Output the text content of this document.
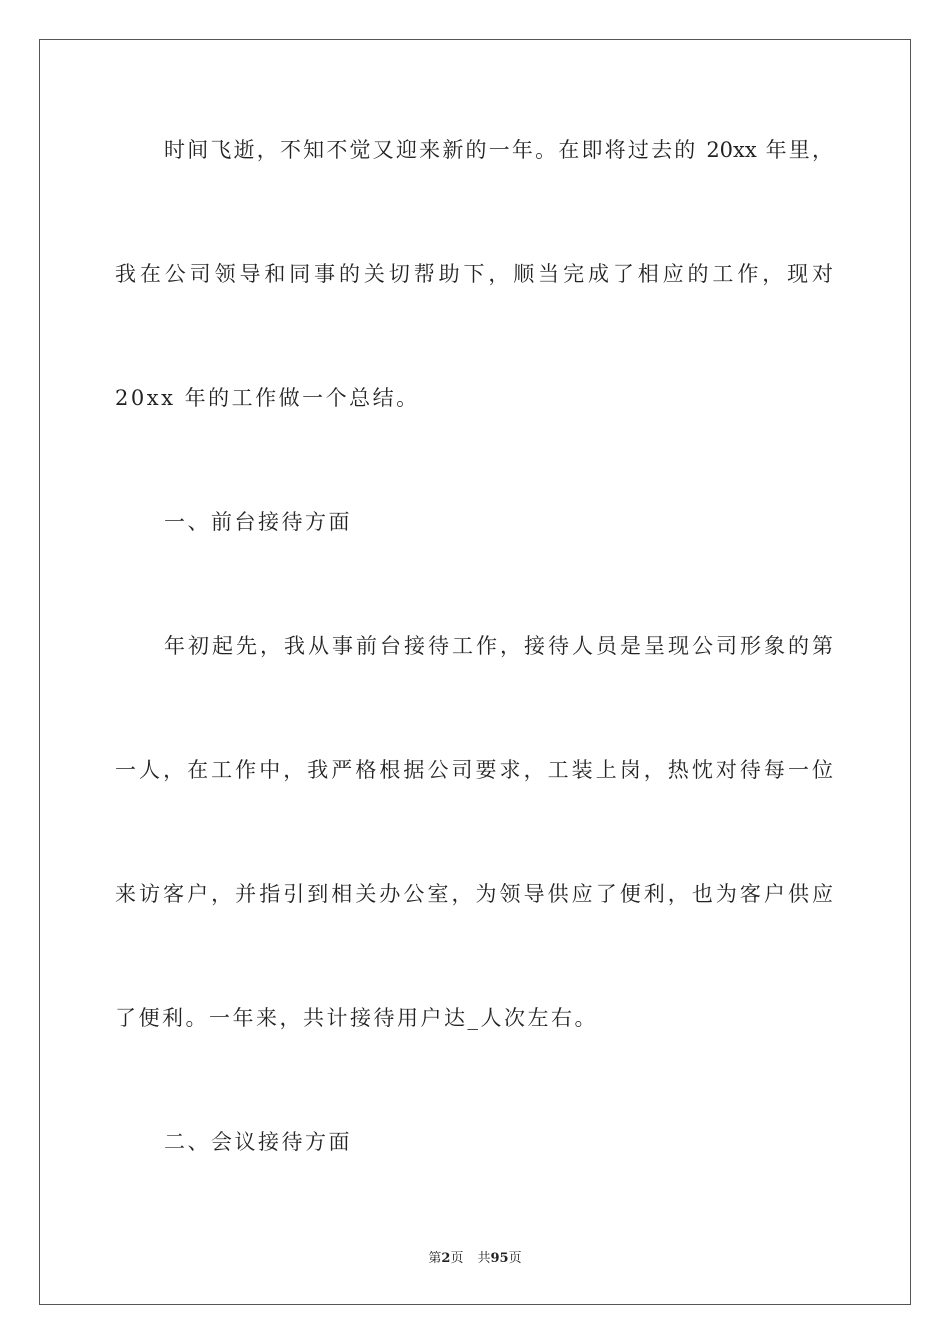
时间飞逝，不知不觉又迎来新的一年。在即将过去的 20xx 年里，
我在公司领导和同事的关切帮助下，顺当完成了相应的工作，现对
20xx 年的工作做一个总结。
一、前台接待方面
年初起先，我从事前台接待工作，接待人员是呈现公司形象的第
一人，在工作中，我严格根据公司要求，工装上岗，热忱对待每一位
来访客户，并指引到相关办公室，为领导供应了便利，也为客户供应
了便利。一年来，共计接待用户达_人次左右。
二、会议接待方面
第2页 共95页
